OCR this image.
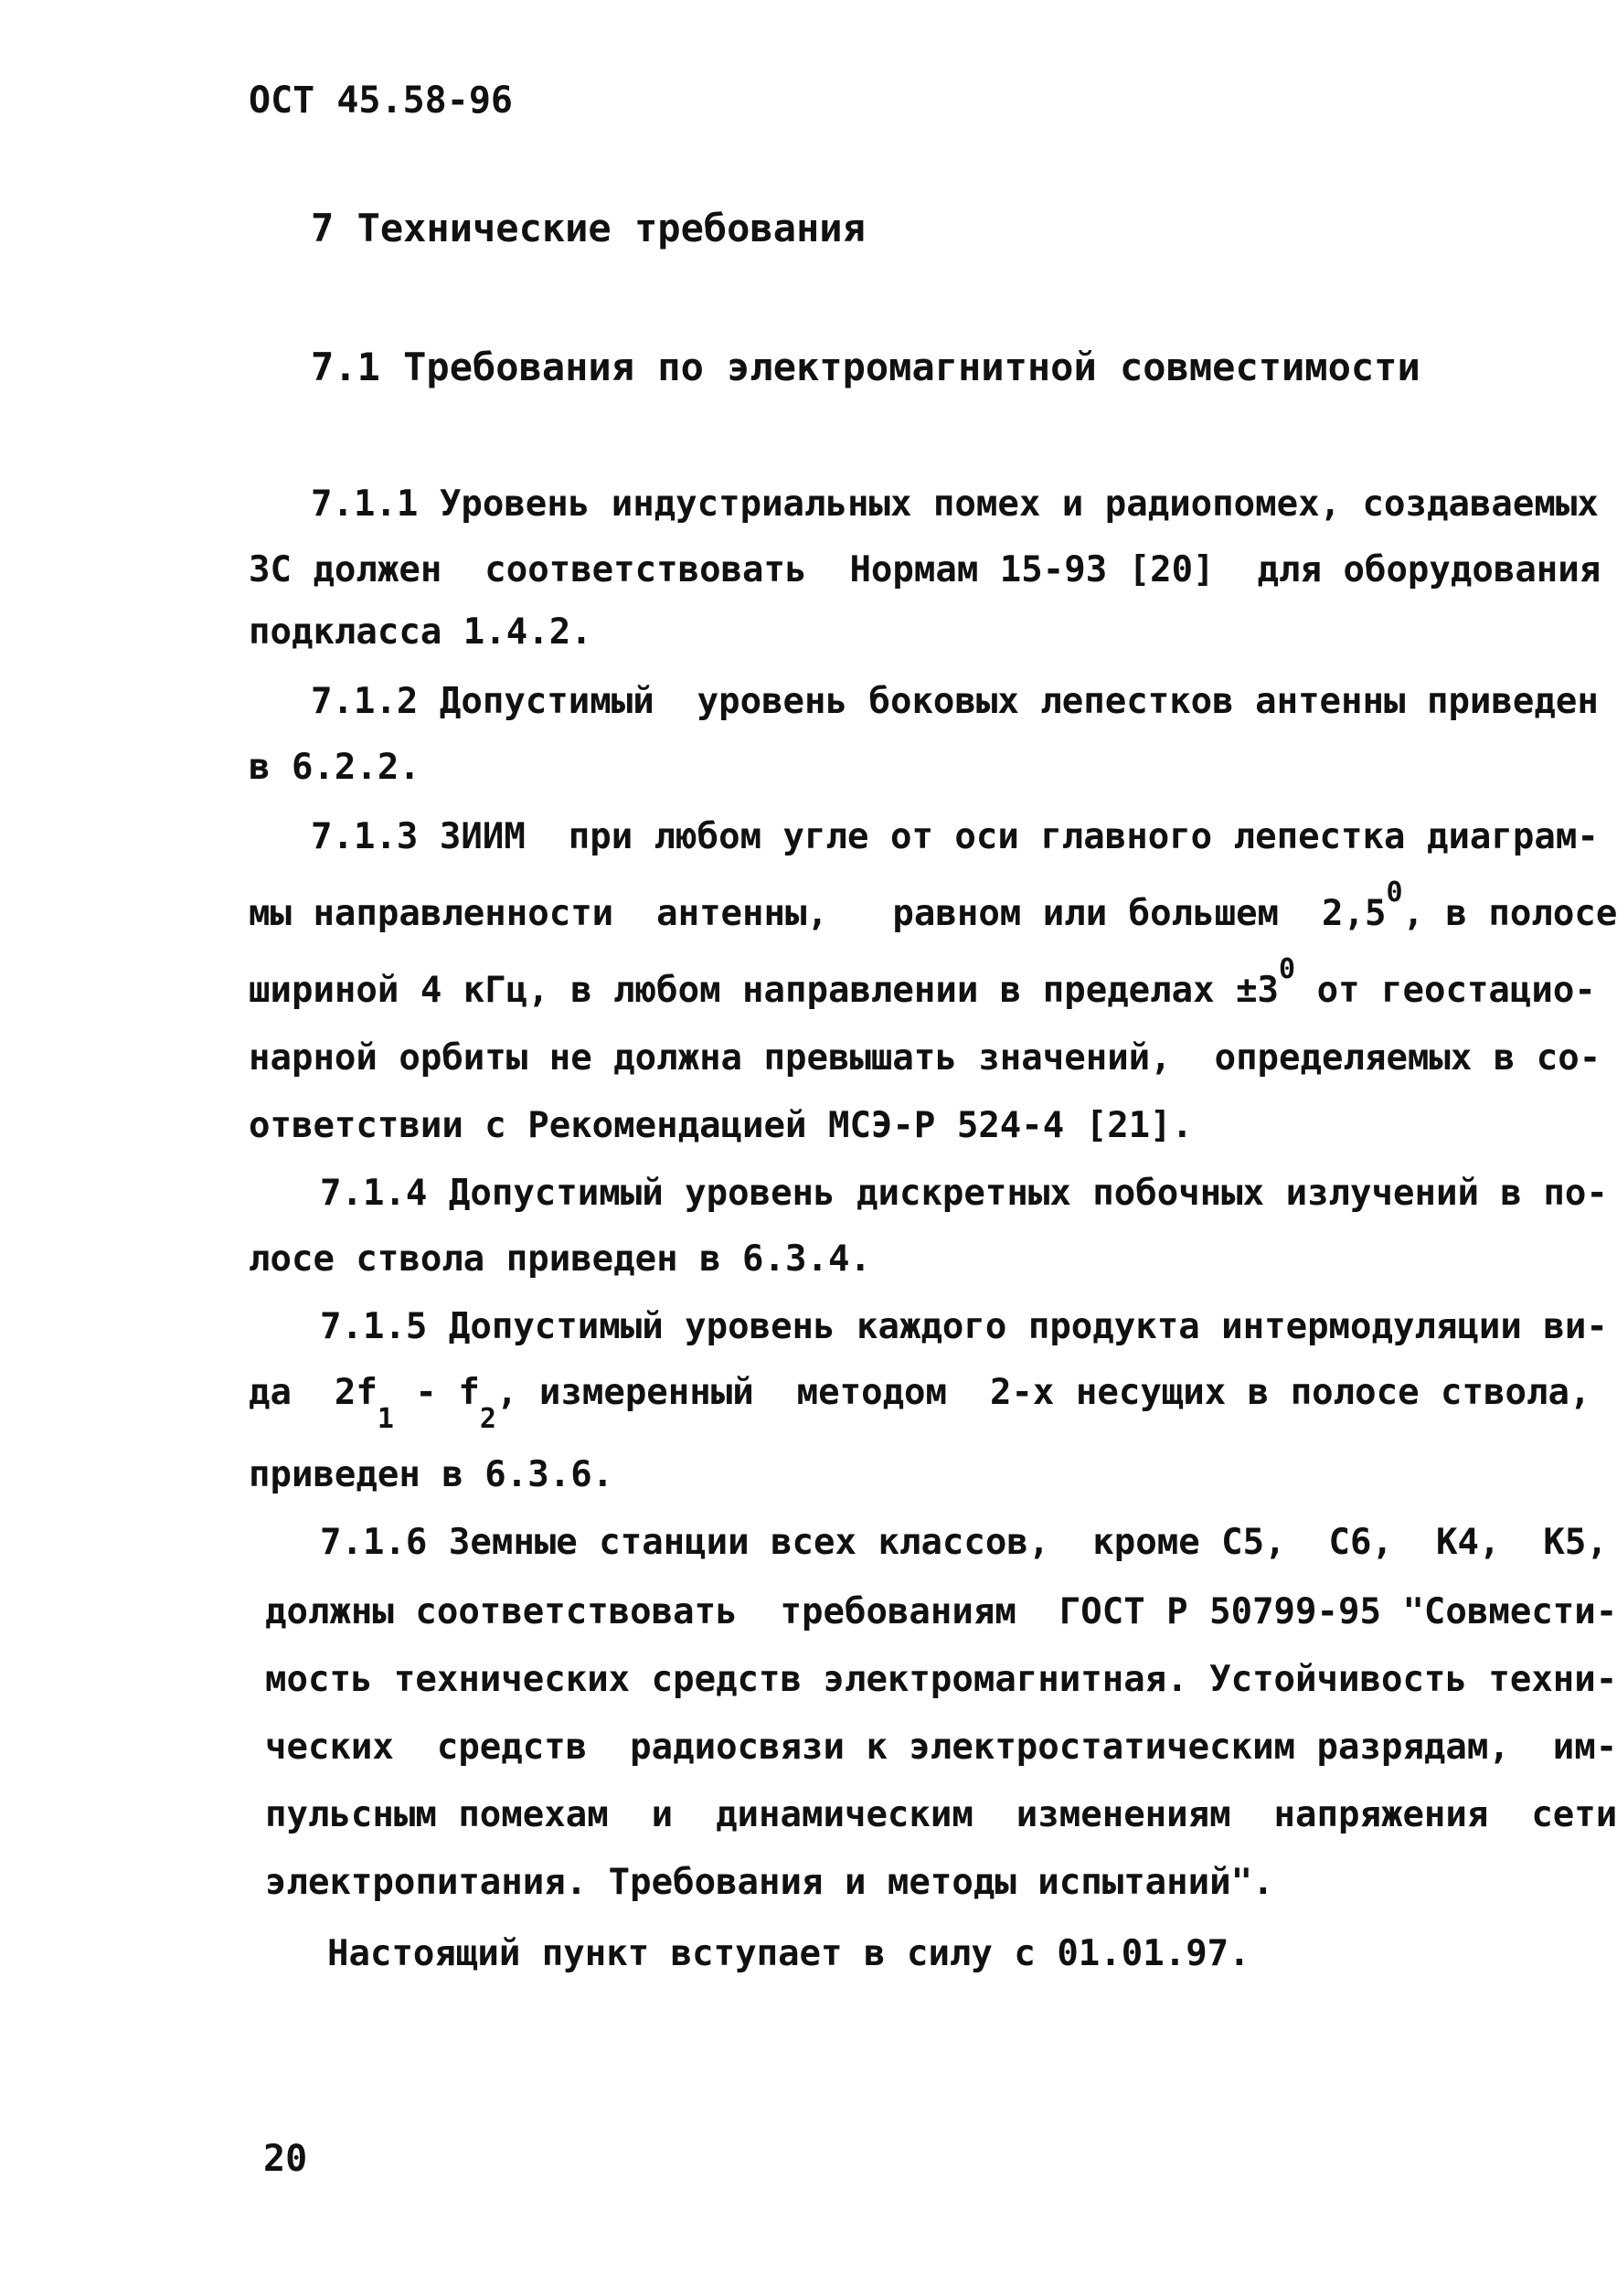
ОСТ 45.58-96
7 Технические требования
7.1 Требования по электромагнитной совместимости
7.1.1 Уровень индустриальных помех и радиопомех, создаваемых
ЗС должен  соответствовать  Нормам 15-93 [20]  для оборудования
подкласса 1.4.2.
7.1.2 Допустимый  уровень боковых лепестков антенны приведен
в 6.2.2.
7.1.3 ЗИИМ  при любом угле от оси главного лепестка диаграм-
мы направленности  антенны,   равном или большем  $2,5^0$, в полосе
шириной 4 кГц, в любом направлении в пределах $\pm 3^0$ от геостацио-
нарной орбиты не должна превышать значений,  определяемых в со-
ответствии с Рекомендацией МСЭ-Р 524-4 [21].
7.1.4 Допустимый уровень дискретных побочных излучений в по-
лосе ствола приведен в 6.3.4.
7.1.5 Допустимый уровень каждого продукта интермодуляции ви-
да  $2f_1 - f_2$, измеренный  методом  2-х несущих в полосе ствола,
приведен в 6.3.6.
7.1.6 Земные станции всех классов,  кроме С5,  С6,  К4,  К5,
должны соответствовать  требованиям  ГОСТ Р 50799-95 "Совмести-
мость технических средств электромагнитная. Устойчивость техни-
ческих  средств  радиосвязи к электростатическим разрядам,  им-
пульсным помехам  и  динамическим  изменениям  напряжения  сети
электропитания. Требования и методы испытаний".
Настоящий пункт вступает в силу с 01.01.97.
20
